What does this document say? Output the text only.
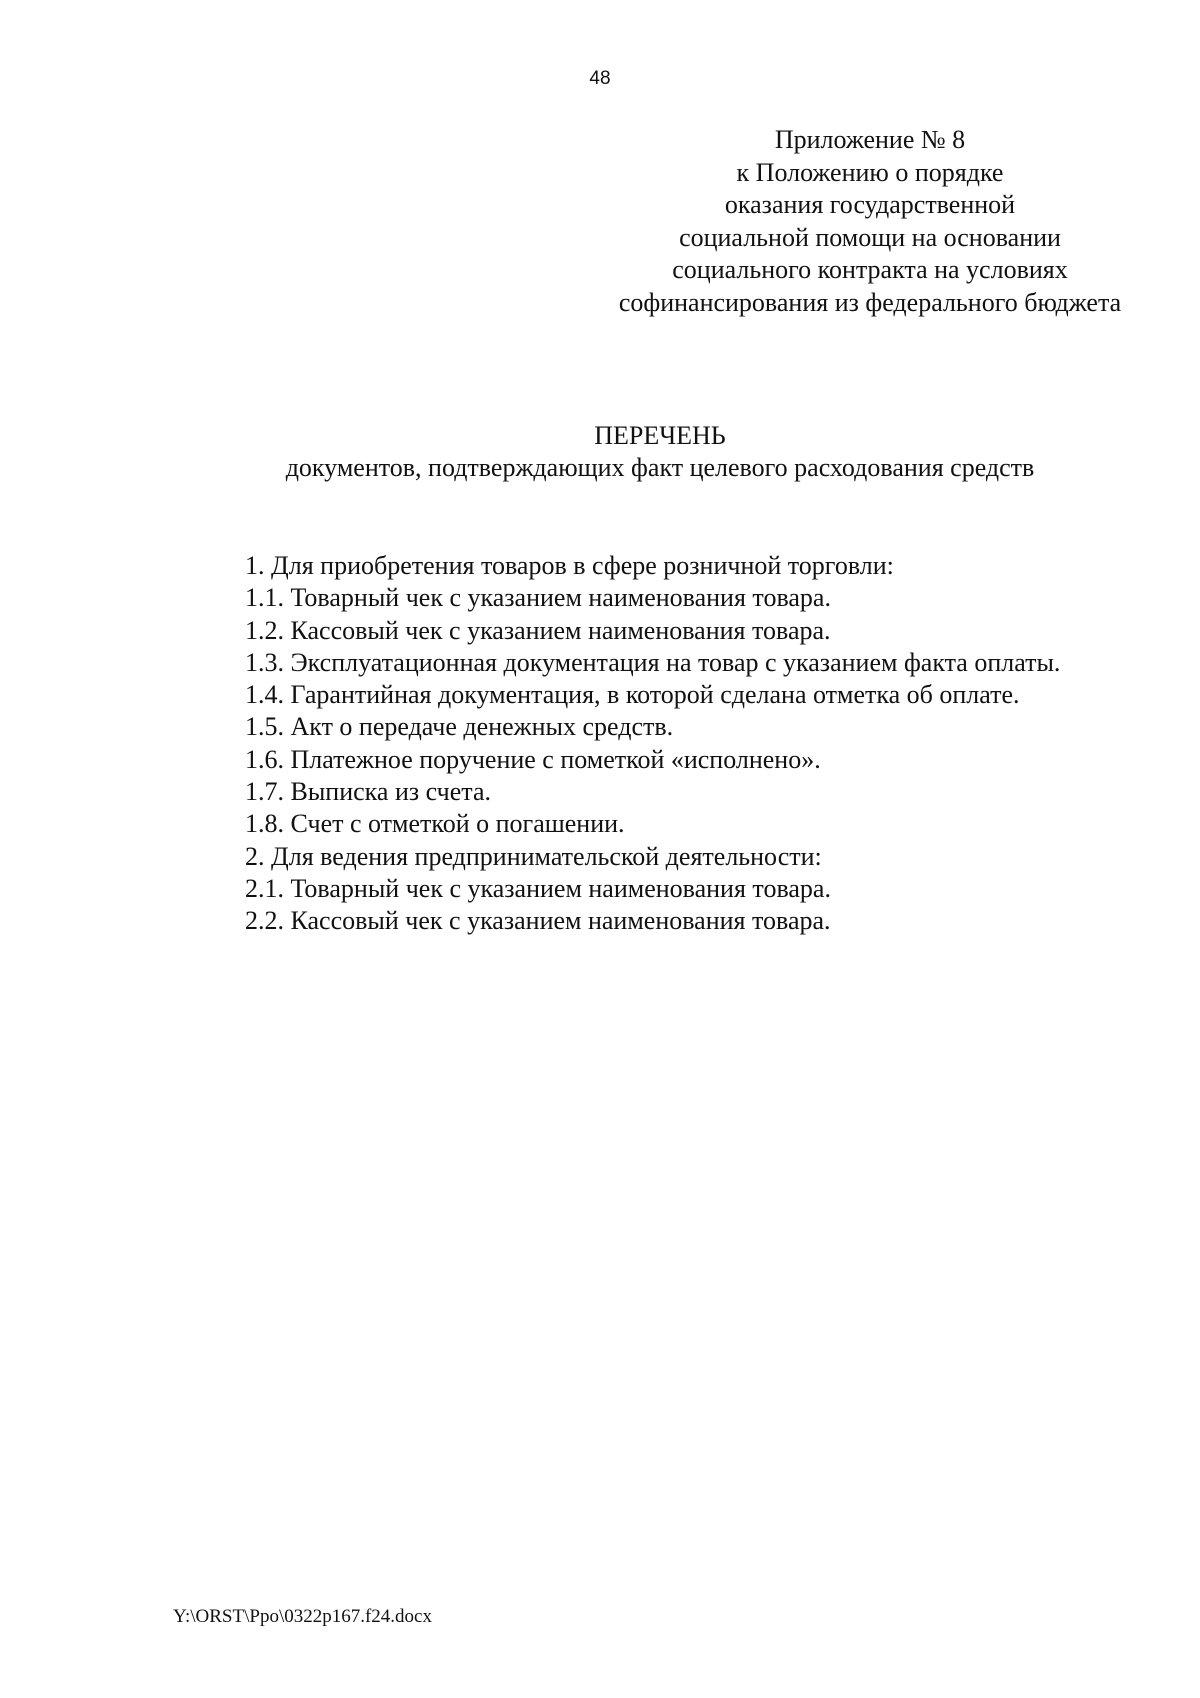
48
Приложение № 8
к Положению о порядке
оказания государственной
социальной помощи на основании
социального контракта на условиях
софинансирования из федерального бюджета
ПЕРЕЧЕНЬ
документов, подтверждающих факт целевого расходования средств
1. Для приобретения товаров в сфере розничной торговли:
1.1. Товарный чек с указанием наименования товара.
1.2. Кассовый чек с указанием наименования товара.
1.3. Эксплуатационная документация на товар с указанием факта оплаты.
1.4. Гарантийная документация, в которой сделана отметка об оплате.
1.5. Акт о передаче денежных средств.
1.6. Платежное поручение с пометкой «исполнено».
1.7. Выписка из счета.
1.8. Счет с отметкой о погашении.
2. Для ведения предпринимательской деятельности:
2.1. Товарный чек с указанием наименования товара.
2.2. Кассовый чек с указанием наименования товара.
Y:\ORST\Ppo\0322p167.f24.docx
